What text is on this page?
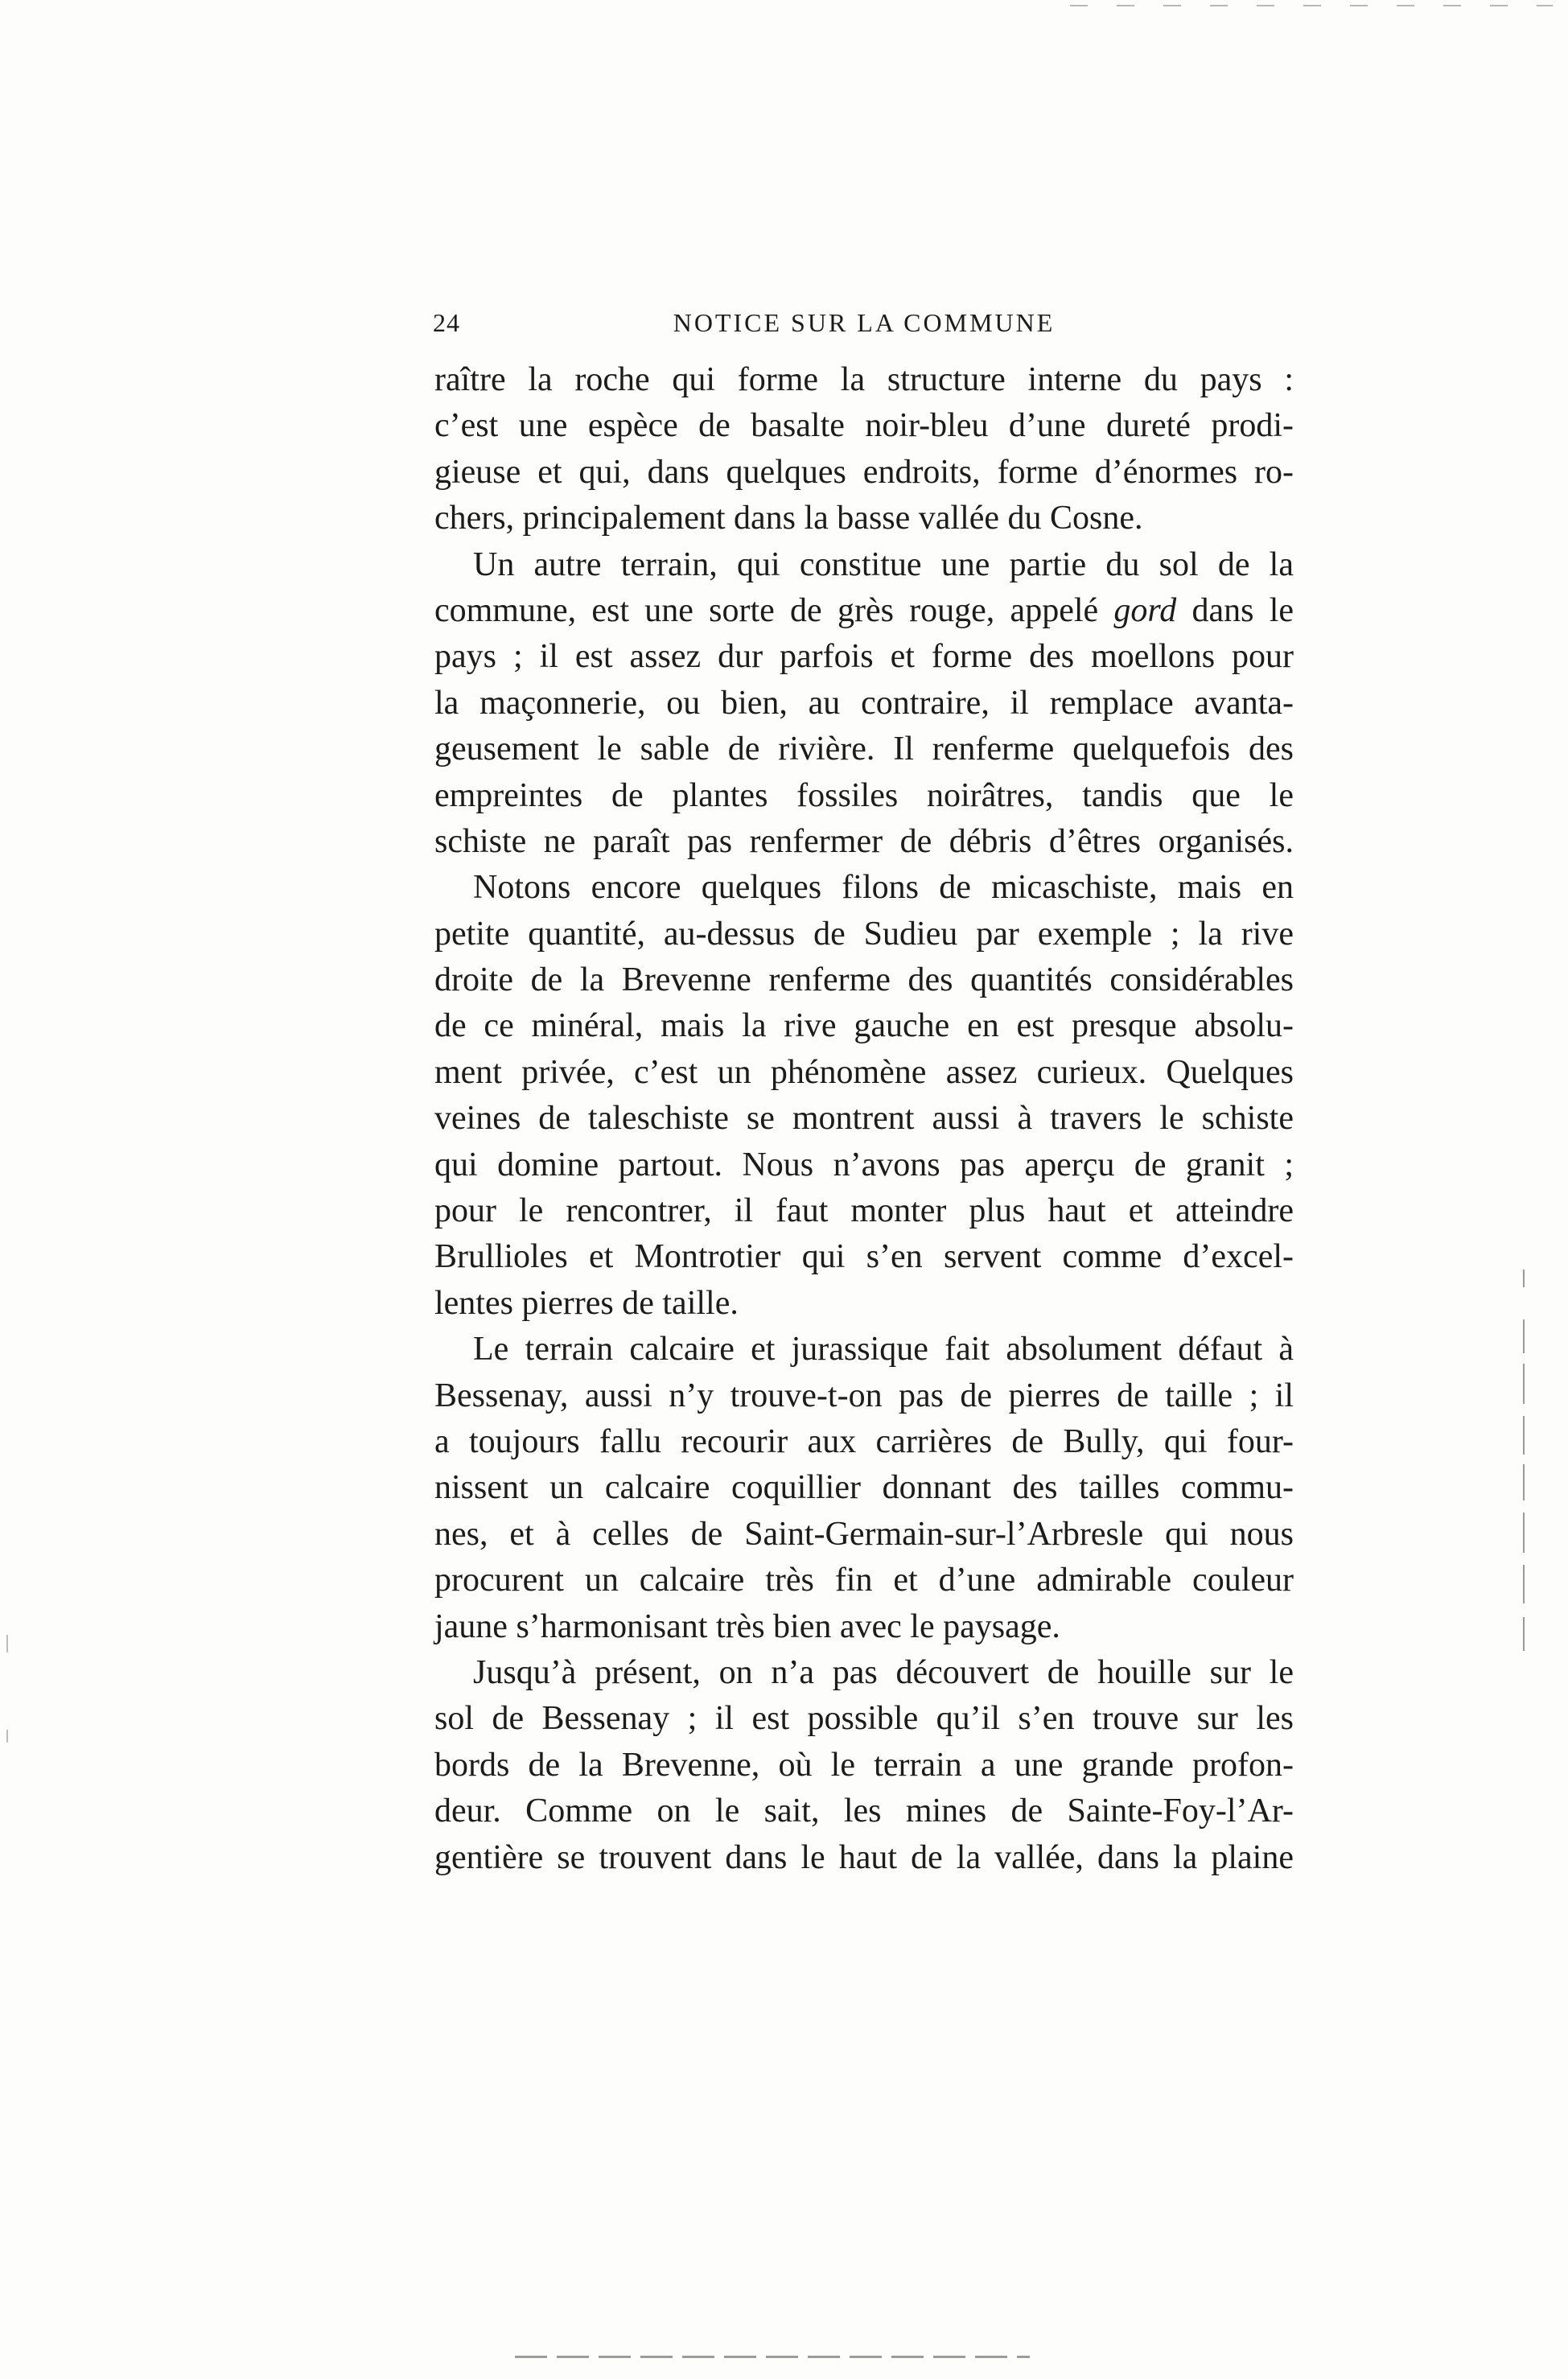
24	NOTICE SUR LA COMMUNE
raître la roche qui forme la structure interne du pays :
c’est une espèce de basalte noir-bleu d’une dureté prodi-
gieuse et qui, dans quelques endroits, forme d’énormes ro-
chers, principalement dans la basse vallée du Cosne.
Un autre terrain, qui constitue une partie du sol de la
commune, est une sorte de grès rouge, appelé gord dans le
pays ; il est assez dur parfois et forme des moellons pour
la maçonnerie, ou bien, au contraire, il remplace avanta-
geusement le sable de rivière. Il renferme quelquefois des
empreintes de plantes fossiles noirâtres, tandis que le
schiste ne paraît pas renfermer de débris d’êtres organisés.
Notons encore quelques filons de micaschiste, mais en
petite quantité, au-dessus de Sudieu par exemple ; la rive
droite de la Brevenne renferme des quantités considérables
de ce minéral, mais la rive gauche en est presque absolu-
ment privée, c’est un phénomène assez curieux. Quelques
veines de taleschiste se montrent aussi à travers le schiste
qui domine partout. Nous n’avons pas aperçu de granit ;
pour le rencontrer, il faut monter plus haut et atteindre
Brullioles et Montrotier qui s’en servent comme d’excel-
lentes pierres de taille.
Le terrain calcaire et jurassique fait absolument défaut à
Bessenay, aussi n’y trouve-t-on pas de pierres de taille ; il
a toujours fallu recourir aux carrières de Bully, qui four-
nissent un calcaire coquillier donnant des tailles commu-
nes, et à celles de Saint-Germain-sur-l’Arbresle qui nous
procurent un calcaire très fin et d’une admirable couleur
jaune s’harmonisant très bien avec le paysage.
Jusqu’à présent, on n’a pas découvert de houille sur le
sol de Bessenay ; il est possible qu’il s’en trouve sur les
bords de la Brevenne, où le terrain a une grande profon-
deur. Comme on le sait, les mines de Sainte-Foy-l’Ar-
gentière se trouvent dans le haut de la vallée, dans la plaine
